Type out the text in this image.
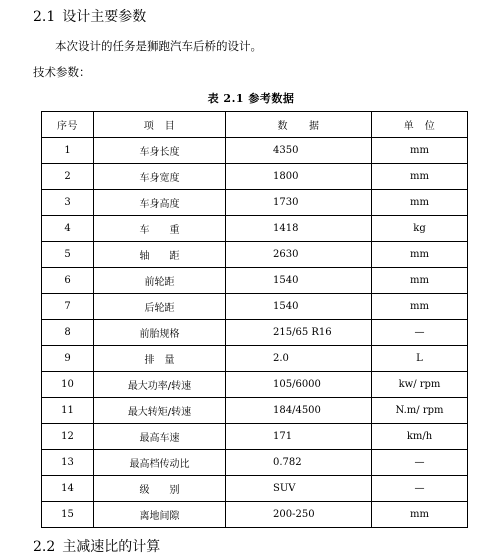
2.1 设计主要参数
本次设计的任务是狮跑汽车后桥的设计。
技术参数：
表 2.1 参考数据
序号	项　目	数　　据	单　位
1	车身长度	4350	mm
2	车身宽度	1800	mm
3	车身高度	1730	mm
4	车　　重	1418	kg
5	轴　　距	2630	mm
6	前轮距	1540	mm
7	后轮距	1540	mm
8	前胎规格	215/65 R16	—
9	排　量	2.0	L
10	最大功率/转速	105/6000	kw/ rpm
11	最大转矩/转速	184/4500	N.m/ rpm
12	最高车速	171	km/h
13	最高档传动比	0.782	—
14	级　　别	SUV	—
15	离地间隙	200-250	mm
2.2 主减速比的计算
